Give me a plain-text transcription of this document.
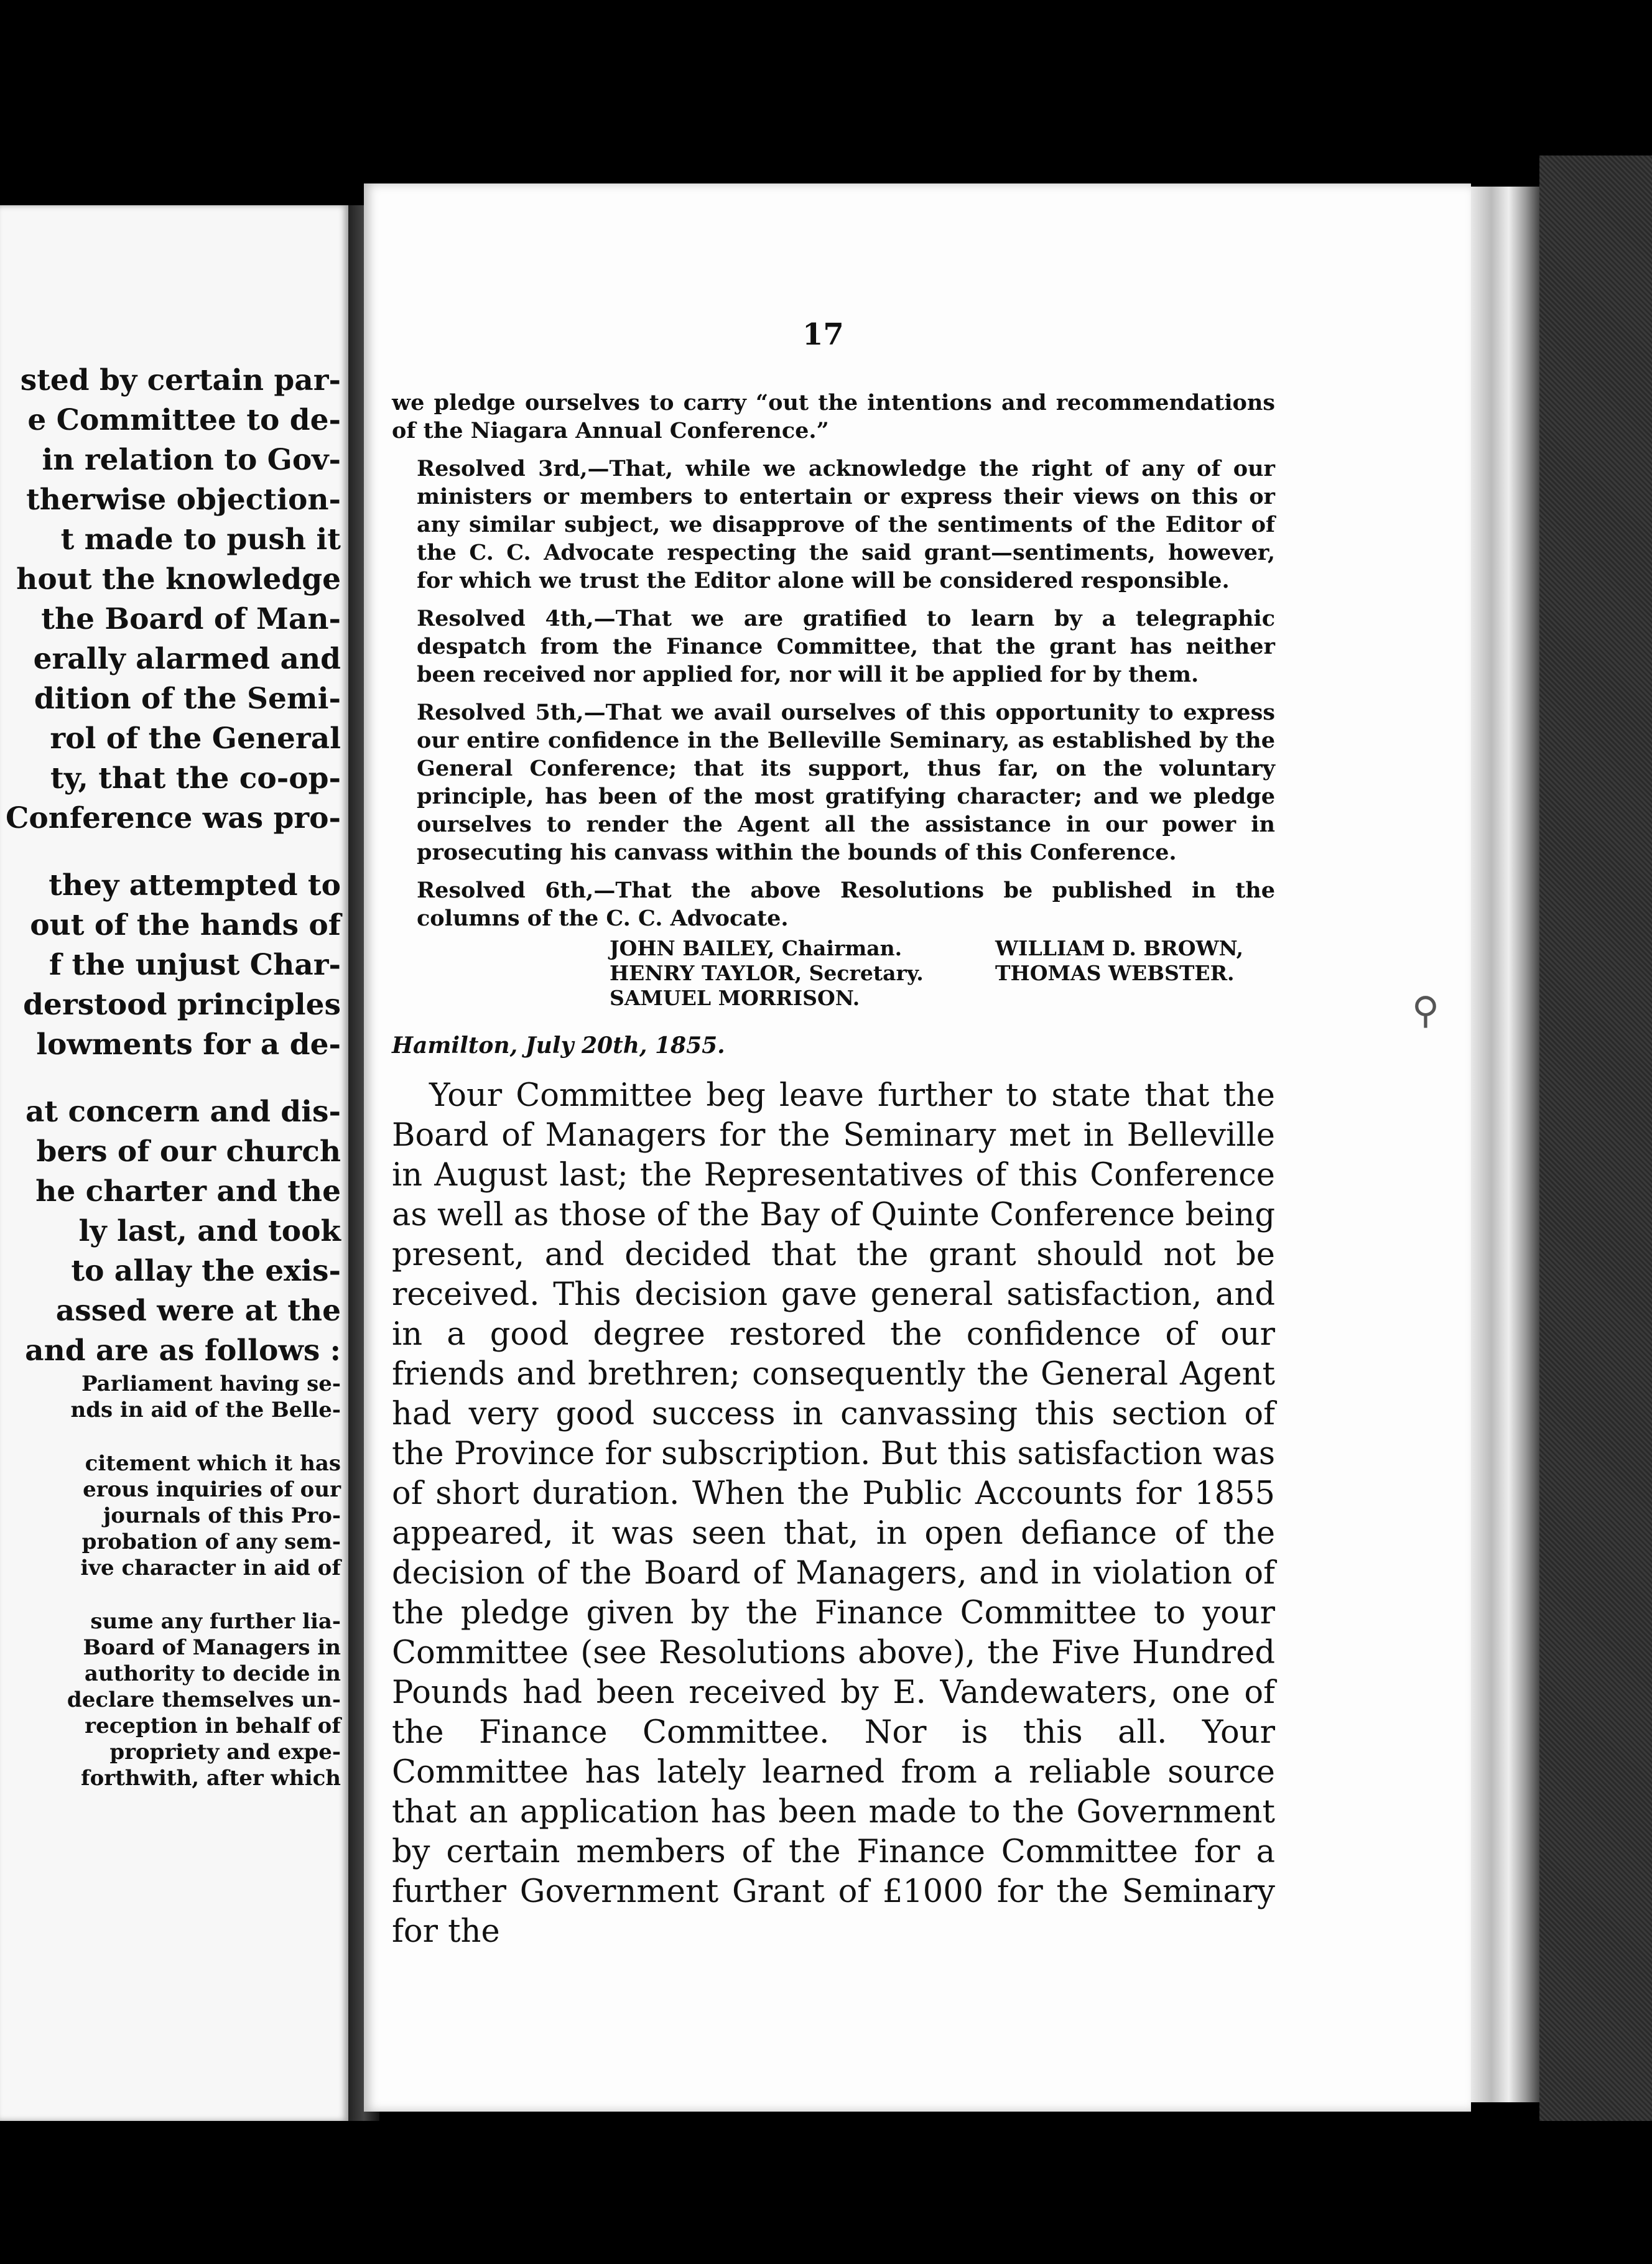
sted by certain par-
e Committee to de-
in relation to Gov-
therwise objection-
t made to push it
hout the knowledge
the Board of Man-
erally alarmed and
dition of the Semi-
rol of the General
ty, that the co-op-
Conference was pro-
they attempted to
out of the hands of
f the unjust Char-
derstood principles
lowments for a de-
at concern and dis-
bers of our church
he charter and the
ly last, and took
to allay the exis-
assed were at the
and are as follows :
Parliament having se-
nds in aid of the Belle-
citement which it has
erous inquiries of our
journals of this Pro-
probation of any sem-
ive character in aid of
sume any further lia-
Board of Managers in
authority to decide in
declare themselves un-
reception in behalf of
propriety and expe-
forthwith, after which
17

we pledge ourselves to carry “out the intentions and recommendations of the Niagara Annual Conference.”

Resolved 3rd,—That, while we acknowledge the right of any of our ministers or members to entertain or express their views on this or any similar subject, we disapprove of the sentiments of the Editor of the C. C. Advocate respecting the said grant—sentiments, however, for which we trust the Editor alone will be considered responsible.

Resolved 4th,—That we are gratified to learn by a telegraphic despatch from the Finance Committee, that the grant has neither been received nor applied for, nor will it be applied for by them.

Resolved 5th,—That we avail ourselves of this opportunity to express our entire confidence in the Belleville Seminary, as established by the General Conference; that its support, thus far, on the voluntary principle, has been of the most gratifying character; and we pledge ourselves to render the Agent all the assistance in our power in prosecuting his canvass within the bounds of this Conference.

Resolved 6th,—That the above Resolutions be published in the columns of the C. C. Advocate.

JOHN BAILEY, Chairman.	WILLIAM D. BROWN,
HENRY TAYLOR, Secretary.	THOMAS WEBSTER.
SAMUEL MORRISON.
Hamilton, July 20th, 1855.

Your Committee beg leave further to state that the Board of Managers for the Seminary met in Belleville in August last; the Representatives of this Conference as well as those of the Bay of Quinte Conference being present, and decided that the grant should not be received. This decision gave general satisfaction, and in a good degree restored the confidence of our friends and brethren; consequently the General Agent had very good success in canvassing this section of the Province for subscription. But this satisfaction was of short duration. When the Public Accounts for 1855 appeared, it was seen that, in open defiance of the decision of the Board of Managers, and in violation of the pledge given by the Finance Committee to your Committee (see Resolutions above), the Five Hundred Pounds had been received by E. Vandewaters, one of the Finance Committee. Nor is this all. Your Committee has lately learned from a reliable source that an application has been made to the Government by certain members of the Finance Committee for a further Government Grant of £1000 for the Seminary for the

⚲
